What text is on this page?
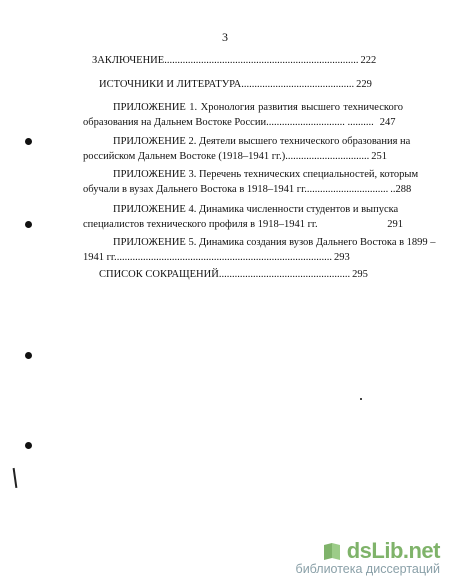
3
ЗАКЛЮЧЕНИЕ .......................................................................... 222
ИСТОЧНИКИ И ЛИТЕРАТУРА ........................................... 229
ПРИЛОЖЕНИЕ 1. Хронология развития высшего технического
образования на Дальнем Востоке России .............................. .......... 247
ПРИЛОЖЕНИЕ 2. Деятели высшего технического образования на
российском Дальнем Востоке (1918–1941 гг.) ................................ 251
ПРИЛОЖЕНИЕ 3. Перечень технических специальностей, которым
обучали в вузах Дальнего Востока в 1918–1941 гг. ............................... ..288
ПРИЛОЖЕНИЕ 4. Динамика численности студентов и выпуска
специалистов технического профиля в 1918–1941 гг.	291
ПРИЛОЖЕНИЕ 5. Динамика создания вузов Дальнего Востока в 1899 –
1941 гг. .................................................................................. 293
СПИСОК СОКРАЩЕНИЙ .................................................. 295
dsLib.net
библиотека диссертаций
